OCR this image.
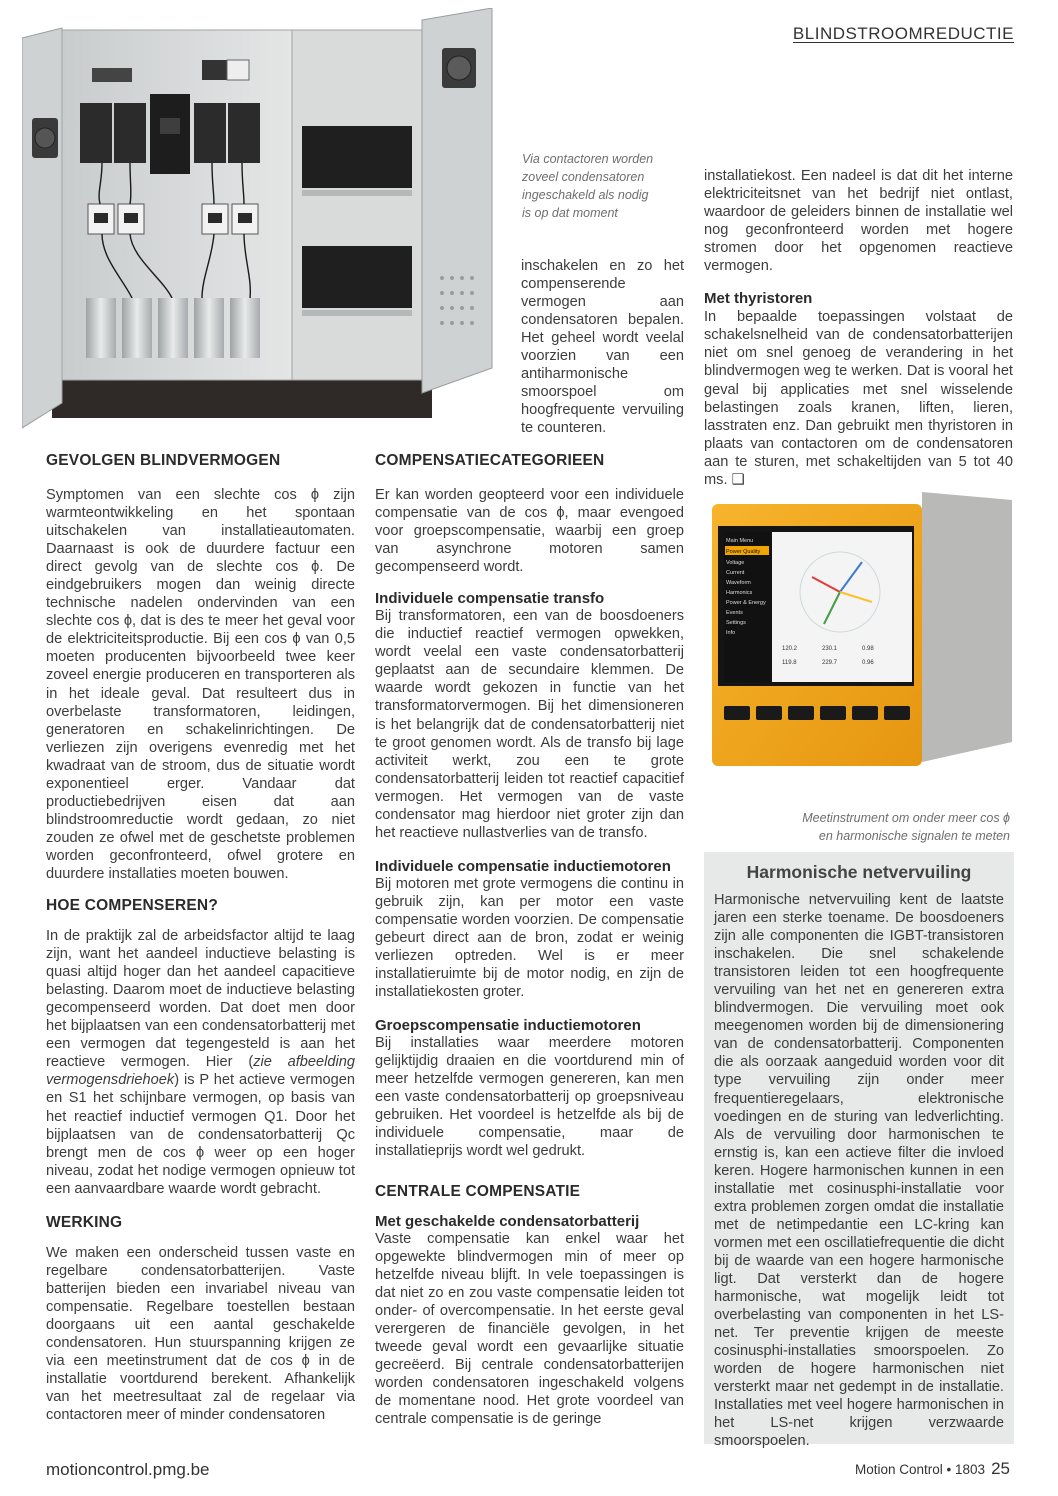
BLINDSTROOMREDUCTIE
Via contactoren worden
zoveel condensatoren
ingeschakeld als nodig
is op dat moment

inschakelen en zo het compenserende vermogen aan condensatoren bepalen. Het geheel wordt veelal voorzien van een antiharmonische smoorspoel om hoogfrequente vervuiling te counteren.

installatiekost. Een nadeel is dat dit het interne elektriciteitsnet van het bedrijf niet ontlast, waardoor de geleiders binnen de installatie wel nog geconfronteerd worden met hogere stromen door het opgenomen reactieve vermogen.

Met thyristoren

In bepaalde toepassingen volstaat de schakelsnelheid van de condensatorbatterijen niet om snel genoeg de verandering in het blindvermogen weg te werken. Dat is vooral het geval bij applicaties met snel wisselende belastingen zoals kranen, liften, lieren, lasstraten enz. Dan gebruikt men thyristoren in plaats van contactoren om de condensatoren aan te sturen, met schakeltijden van 5 tot 40 ms. ❑

120.2	230.1	0.98
119.8	229.7	0.96
Main Menu
Power Quality
Voltage
Current
Waveform
Harmonics
Power & Energy
Events
Settings
Info
Meetinstrument om onder meer cos ϕ
en harmonische signalen te meten
Harmonische netvervuiling

Harmonische netvervuiling kent de laatste jaren een sterke toename. De boosdoeners zijn alle componenten die IGBT-transistoren inschakelen. Die snel schakelende transistoren leiden tot een hoogfrequente vervuiling van het net en genereren extra blindvermogen. Die vervuiling moet ook meegenomen worden bij de dimensionering van de condensatorbatterij. Componenten die als oorzaak aangeduid worden voor dit type vervuiling zijn onder meer frequentieregelaars, elektronische voedingen en de sturing van ledverlichting. Als de vervuiling door harmonischen te ernstig is, kan een actieve filter die invloed keren. Hogere harmonischen kunnen in een installatie met cosinusphi-installatie voor extra problemen zorgen omdat die installatie met de netimpedantie een LC-kring kan vormen met een oscillatiefrequentie die dicht bij de waarde van een hogere harmonische ligt. Dat versterkt dan de hogere harmonische, wat mogelijk leidt tot overbelasting van componenten in het LS-net. Ter preventie krijgen de meeste cosinusphi-installaties smoorspoelen. Zo worden de hogere harmonischen niet versterkt maar net gedempt in de installatie. Installaties met veel hogere harmonischen in het LS-net krijgen verzwaarde smoorspoelen.

GEVOLGEN BLINDVERMOGEN

Symptomen van een slechte cos ϕ zijn warmteontwikkeling en het spontaan uitschakelen van installatieautomaten. Daarnaast is ook de duurdere factuur een direct gevolg van de slechte cos ϕ. De eindgebruikers mogen dan weinig directe technische nadelen ondervinden van een slechte cos ϕ, dat is des te meer het geval voor de elektriciteitsproductie. Bij een cos ϕ van 0,5 moeten producenten bijvoorbeeld twee keer zoveel energie produceren en transporteren als in het ideale geval. Dat resulteert dus in overbelaste transformatoren, leidingen, generatoren en schakelinrichtingen. De verliezen zijn overigens evenredig met het kwadraat van de stroom, dus de situatie wordt exponentieel erger. Vandaar dat productiebedrijven eisen dat aan blindstroomreductie wordt gedaan, zo niet zouden ze ofwel met de geschetste problemen worden geconfronteerd, ofwel grotere en duurdere installaties moeten bouwen.

HOE COMPENSEREN?

In de praktijk zal de arbeidsfactor altijd te laag zijn, want het aandeel inductieve belasting is quasi altijd hoger dan het aandeel capacitieve belasting. Daarom moet de inductieve belasting gecompenseerd worden. Dat doet men door het bijplaatsen van een condensatorbatterij met een vermogen dat tegengesteld is aan het reactieve vermogen. Hier (zie afbeelding vermogensdriehoek) is P het actieve vermogen en S1 het schijnbare vermogen, op basis van het reactief inductief vermogen Q1. Door het bijplaatsen van de condensatorbatterij Qc brengt men de cos ϕ weer op een hoger niveau, zodat het nodige vermogen opnieuw tot een aanvaardbare waarde wordt gebracht.

WERKING

We maken een onderscheid tussen vaste en regelbare condensatorbatterijen. Vaste batterijen bieden een invariabel niveau van compensatie. Regelbare toestellen bestaan doorgaans uit een aantal geschakelde condensatoren. Hun stuurspanning krijgen ze via een meetinstrument dat de cos ϕ in de installatie voortdurend berekent. Afhankelijk van het meetresultaat zal de regelaar via contactoren meer of minder condensatoren

COMPENSATIECATEGORIEEN

Er kan worden geopteerd voor een individuele compensatie van de cos ϕ, maar evengoed voor groepscompensatie, waarbij een groep van asynchrone motoren samen gecompenseerd wordt.

Individuele compensatie transfo

Bij transformatoren, een van de boosdoeners die inductief reactief vermogen opwekken, wordt veelal een vaste condensatorbatterij geplaatst aan de secundaire klemmen. De waarde wordt gekozen in functie van het transformatorvermogen. Bij het dimensioneren is het belangrijk dat de condensatorbatterij niet te groot genomen wordt. Als de transfo bij lage activiteit werkt, zou een te grote condensatorbatterij leiden tot reactief capacitief vermogen. Het vermogen van de vaste condensator mag hierdoor niet groter zijn dan het reactieve nullastverlies van de transfo.

Individuele compensatie inductiemotoren

Bij motoren met grote vermogens die continu in gebruik zijn, kan per motor een vaste compensatie worden voorzien. De compensatie gebeurt direct aan de bron, zodat er weinig verliezen optreden. Wel is er meer installatieruimte bij de motor nodig, en zijn de installatiekosten groter.

Groepscompensatie inductiemotoren

Bij installaties waar meerdere motoren gelijktijdig draaien en die voortdurend min of meer hetzelfde vermogen genereren, kan men een vaste condensatorbatterij op groepsniveau gebruiken. Het voordeel is hetzelfde als bij de individuele compensatie, maar de installatieprijs wordt wel gedrukt.

CENTRALE COMPENSATIE
Met geschakelde condensatorbatterij

Vaste compensatie kan enkel waar het opgewekte blindvermogen min of meer op hetzelfde niveau blijft. In vele toepassingen is dat niet zo en zou vaste compensatie leiden tot onder- of overcompensatie. In het eerste geval verergeren de financiële gevolgen, in het tweede geval wordt een gevaarlijke situatie gecreëerd. Bij centrale condensatorbatterijen worden condensatoren ingeschakeld volgens de momentane nood. Het grote voordeel van centrale compensatie is de geringe

motioncontrol.pmg.be	Motion Control • 1803 25
